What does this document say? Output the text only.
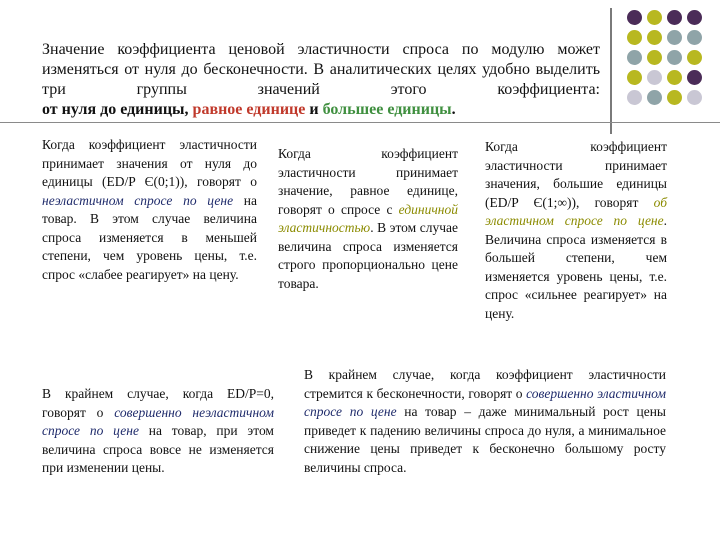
Значение коэффициента ценовой эластичности спроса по модулю может изменяться от нуля до бесконечности. В аналитических целях удобно выделить три группы значений этого коэффициента:
от нуля до единицы, равное единице и большее единицы.
Когда коэффициент эластичности принимает значения от нуля до единицы (ЕD/P Є(0;1)), говорят о неэластичном спросе по цене на товар. В этом случае величина спроса изменяется в меньшей степени, чем уровень цены, т.е. спрос «слабее реагирует» на цену.
Когда коэффициент эластичности принимает значение, равное единице, говорят о спросе с единичной эластичностью. В этом случае величина спроса изменяется строго пропорционально цене товара.
Когда коэффициент эластичности принимает значения, большие единицы (ЕD/P Є(1;∞)), говорят об эластичном спросе по цене. Величина спроса изменяется в большей степени, чем изменяется уровень цены, т.е. спрос «сильнее реагирует» на цену.
В крайнем случае, когда ЕD/P=0, говорят о совершенно неэластичном спросе по цене на товар, при этом величина спроса вовсе не изменяется при изменении цены.
В крайнем случае, когда коэффициент эластичности стремится к бесконечности, говорят о совершенно эластичном спросе по цене на товар – даже минимальный рост цены приведет к падению величины спроса до нуля, а минимальное снижение цены приведет к бесконечно большому росту величины спроса.
